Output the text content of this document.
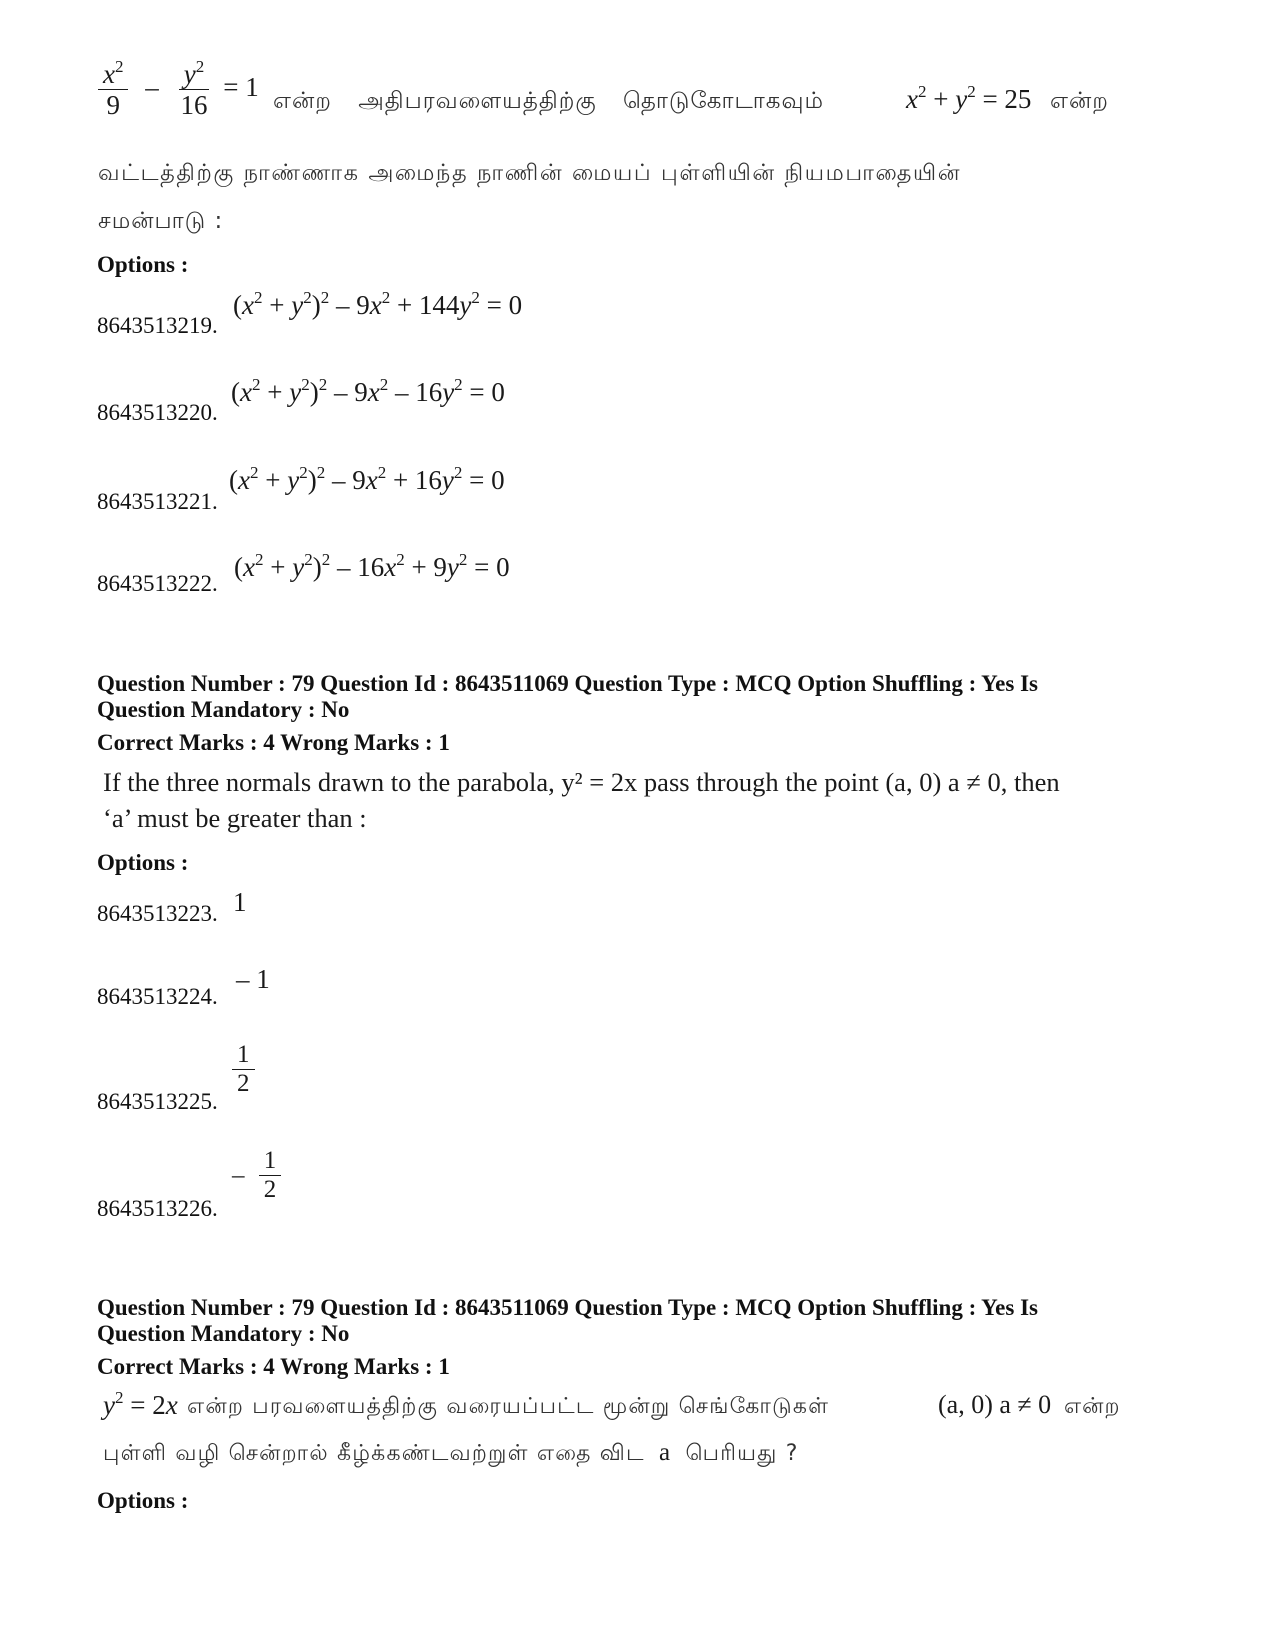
$\frac{x^2}{9} - \frac{y^2}{16} = 1$ என்ற அதிபரவளையத்திற்கு தொடுகோடாகவும்	$x^2 + y^2 = 25$ என்ற
வட்டத்திற்கு நாண்ணாக அமைந்த நாணின் மையப் புள்ளியின் நியமபாதையின்
சமன்பாடு :
Options :
8643513219.
$(x^2 + y^2)^2 - 9x^2 + 144y^2 = 0$
8643513220.
$(x^2 + y^2)^2 - 9x^2 - 16y^2 = 0$
8643513221.
$(x^2 + y^2)^2 - 9x^2 + 16y^2 = 0$
8643513222.
$(x^2 + y^2)^2 - 16x^2 + 9y^2 = 0$
Question Number : 79 Question Id : 8643511069 Question Type : MCQ Option Shuffling : Yes Is
Question Mandatory : No
Correct Marks : 4 Wrong Marks : 1
If the three normals drawn to the parabola, y² = 2x pass through the point (a, 0) a ≠ 0, then
‘a’ must be greater than :
Options :
8643513223. 1
8643513224.
– 1
8643513225.
$\frac{1}{2}$
8643513226.
– $\frac{1}{2}$
Question Number : 79 Question Id : 8643511069 Question Type : MCQ Option Shuffling : Yes Is
Question Mandatory : No
Correct Marks : 4 Wrong Marks : 1
$y^2 = 2x$ என்ற பரவளையத்திற்கு வரையப்பட்ட மூன்று செங்கோடுகள்	(a, 0) a ≠ 0 என்ற
புள்ளி வழி சென்றால் கீழ்க்கண்டவற்றுள் எதை விட a பெரியது ?
Options :
